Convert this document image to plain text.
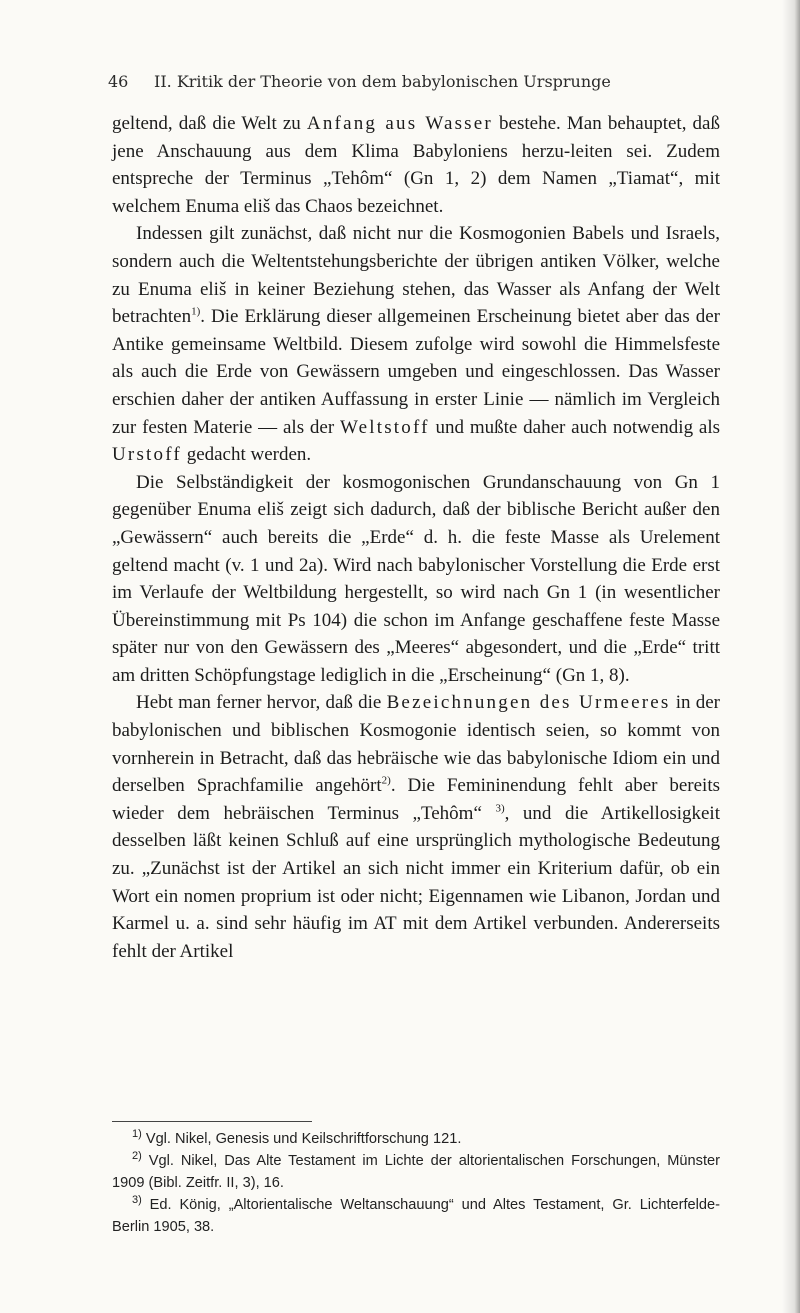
46 II. Kritik der Theorie von dem babylonischen Ursprunge

geltend, daß die Welt zu Anfang aus Wasser bestehe. Man behauptet, daß jene Anschauung aus dem Klima Babyloniens herzu-leiten sei. Zudem entspreche der Terminus „Tehôm“ (Gn 1, 2) dem Namen „Tiamat“, mit welchem Enuma eliš das Chaos bezeichnet.

Indessen gilt zunächst, daß nicht nur die Kosmogonien Babels und Israels, sondern auch die Weltentstehungsberichte der übrigen antiken Völker, welche zu Enuma eliš in keiner Beziehung stehen, das Wasser als Anfang der Welt betrachten$^{1)}$. Die Erklärung dieser allgemeinen Erscheinung bietet aber das der Antike gemeinsame Weltbild. Diesem zufolge wird sowohl die Himmelsfeste als auch die Erde von Gewässern umgeben und eingeschlossen. Das Wasser erschien daher der antiken Auffassung in erster Linie — nämlich im Vergleich zur festen Materie — als der Weltstoff und mußte daher auch notwendig als Urstoff gedacht werden.

Die Selbständigkeit der kosmogonischen Grundanschauung von Gn 1 gegenüber Enuma eliš zeigt sich dadurch, daß der biblische Bericht außer den „Gewässern“ auch bereits die „Erde“ d. h. die feste Masse als Urelement geltend macht (v. 1 und 2a). Wird nach babylonischer Vorstellung die Erde erst im Verlaufe der Weltbildung hergestellt, so wird nach Gn 1 (in wesentlicher Übereinstimmung mit Ps 104) die schon im Anfange geschaffene feste Masse später nur von den Gewässern des „Meeres“ abgesondert, und die „Erde“ tritt am dritten Schöpfungstage lediglich in die „Erscheinung“ (Gn 1, 8).

Hebt man ferner hervor, daß die Bezeichnungen des Urmeeres in der babylonischen und biblischen Kosmogonie identisch seien, so kommt von vornherein in Betracht, daß das hebräische wie das babylonische Idiom ein und derselben Sprachfamilie angehört$^{2)}$. Die Femininendung fehlt aber bereits wieder dem hebräischen Terminus „Tehôm“ $^{3)}$, und die Artikellosigkeit desselben läßt keinen Schluß auf eine ursprünglich mythologische Bedeutung zu. „Zunächst ist der Artikel an sich nicht immer ein Kriterium dafür, ob ein Wort ein nomen proprium ist oder nicht; Eigennamen wie Libanon, Jordan und Karmel u. a. sind sehr häufig im AT mit dem Artikel verbunden. Andererseits fehlt der Artikel

$^{1)}$ Vgl. Nikel, Genesis und Keilschriftforschung 121.

$^{2)}$ Vgl. Nikel, Das Alte Testament im Lichte der altorientalischen Forschungen, Münster 1909 (Bibl. Zeitfr. II, 3), 16.

$^{3)}$ Ed. König, „Altorientalische Weltanschauung“ und Altes Testament, Gr. Lichterfelde-Berlin 1905, 38.
